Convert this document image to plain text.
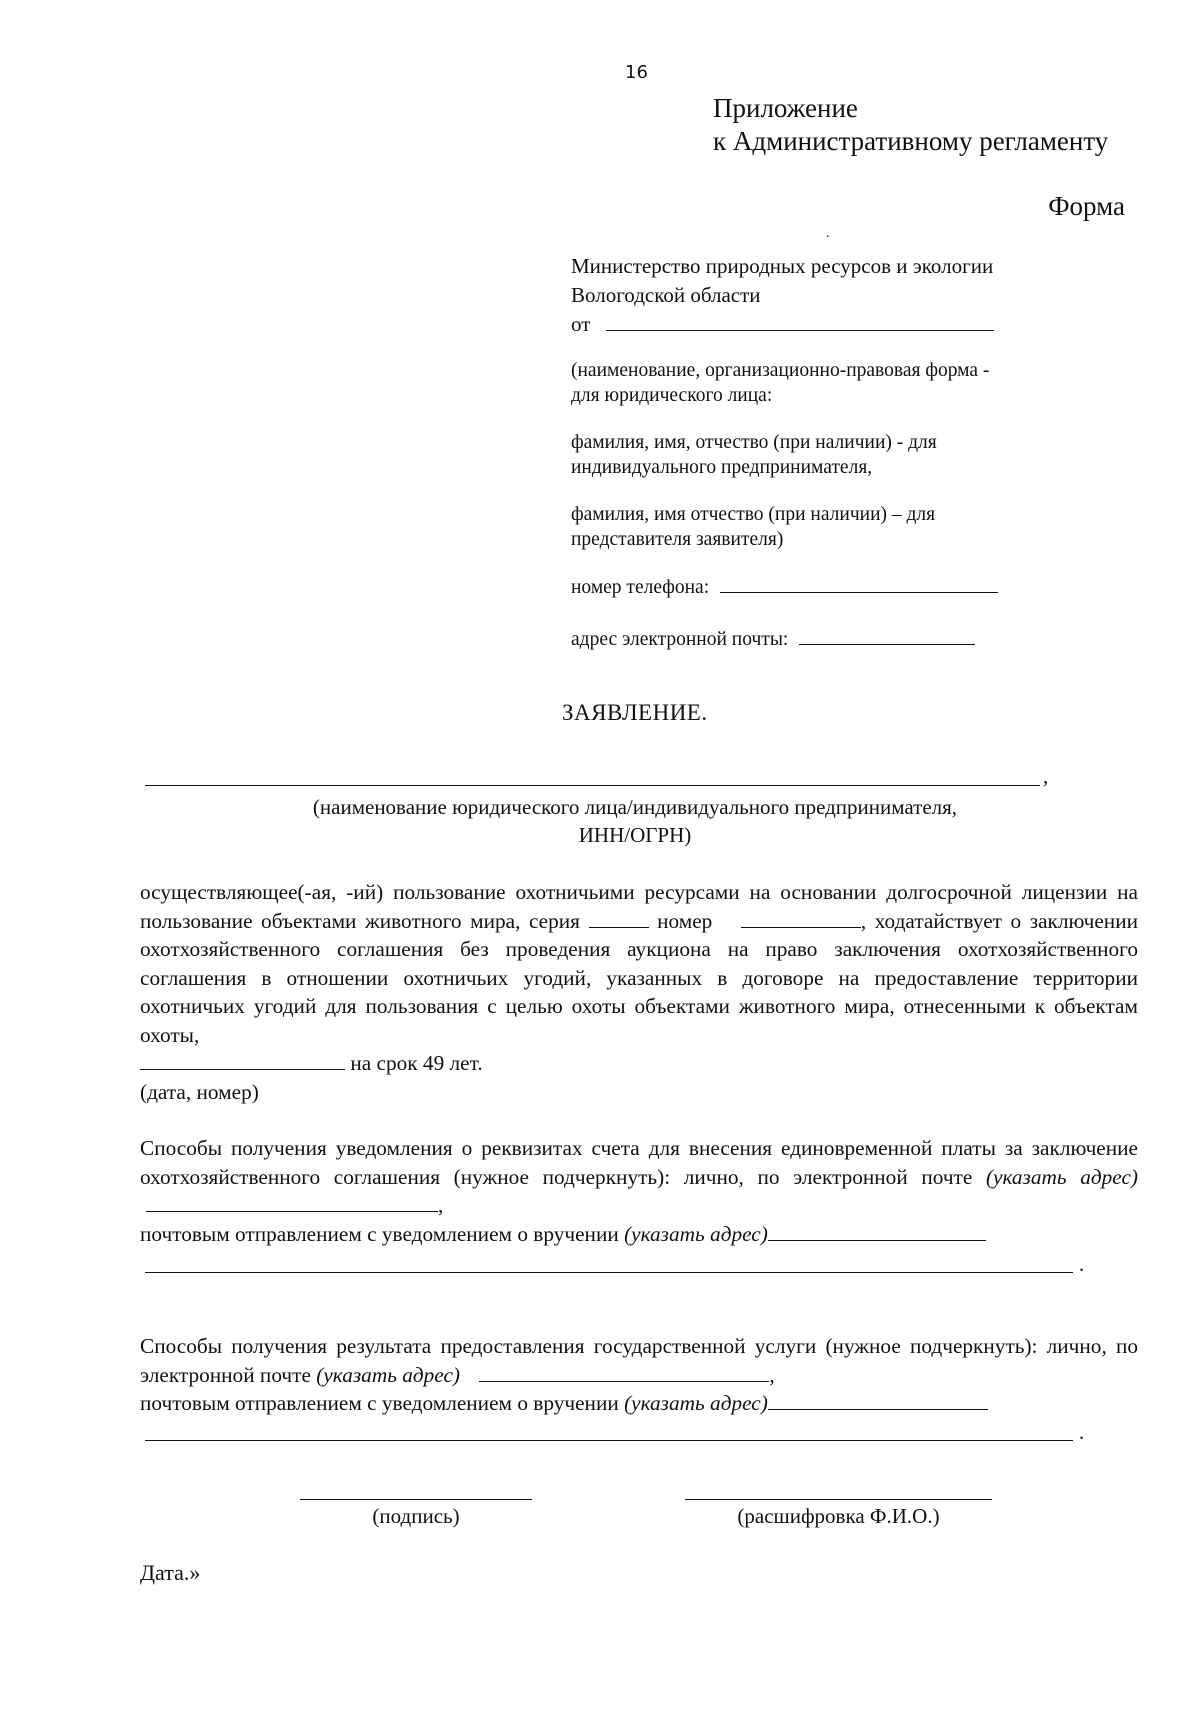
16
Приложение
к Административному регламенту
Форма
.
Министерство природных ресурсов и экологии
Вологодской области
от
(наименование, организационно-правовая форма -
для юридического лица:
фамилия, имя, отчество (при наличии) - для
индивидуального предпринимателя,
фамилия, имя отчество (при наличии) – для
представителя заявителя)
номер телефона:
адрес электронной почты:
ЗАЯВЛЕНИЕ.
,
(наименование юридического лица/индивидуального предпринимателя,
ИНН/ОГРН)
осуществляющее(-ая, -ий) пользование охотничьими ресурсами на основании долгосрочной лицензии на пользование объектами животного мира, серия	номер	, ходатайствует о заключении охотхозяйственного соглашения без проведения аукциона на право заключения охотхозяйственного соглашения в отношении охотничьих угодий, указанных в договоре на предоставление территории охотничьих угодий для пользования с целью охоты объектами животного мира, отнесенными к объектам охоты,
на срок 49 лет.
(дата, номер)
Способы получения уведомления о реквизитах счета для внесения единовременной платы за заключение охотхозяйственного соглашения (нужное подчеркнуть): лично, по электронной почте (указать адрес) ,
почтовым отправлением с уведомлением о вручении (указать адрес)
.
Способы получения результата предоставления государственной услуги (нужное подчеркнуть): лично, по электронной почте (указать адрес)	,
почтовым отправлением с уведомлением о вручении (указать адрес)
.
(подпись)	(расшифровка Ф.И.О.)
Дата.»
